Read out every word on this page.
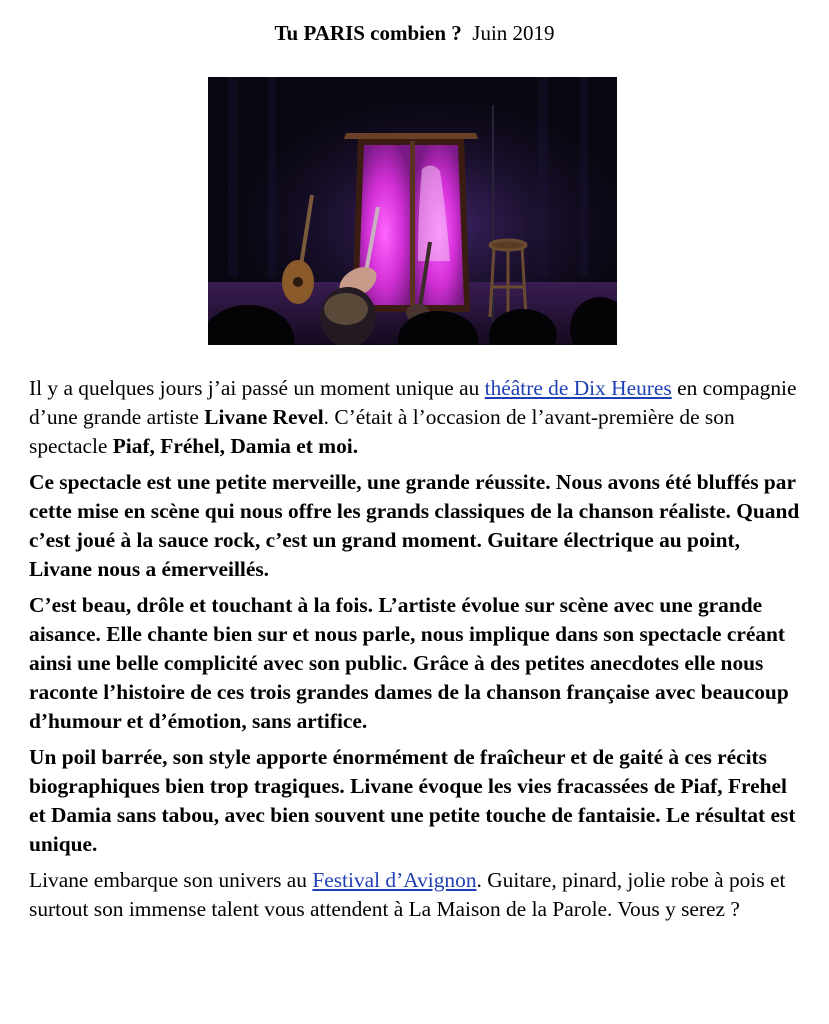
Tu PARIS combien ? Juin 2019

Il y a quelques jours j’ai passé un moment unique au théâtre de Dix Heures en compagnie d’une grande artiste Livane Revel. C’était à l’occasion de l’avant-première de son spectacle Piaf, Fréhel, Damia et moi.

Ce spectacle est une petite merveille, une grande réussite. Nous avons été bluffés par cette mise en scène qui nous offre les grands classiques de la chanson réaliste. Quand c’est joué à la sauce rock, c’est un grand moment. Guitare électrique au point, Livane nous a émerveillés.

C’est beau, drôle et touchant à la fois. L’artiste évolue sur scène avec une grande aisance. Elle chante bien sur et nous parle, nous implique dans son spectacle créant ainsi une belle complicité avec son public. Grâce à des petites anecdotes elle nous raconte l’histoire de ces trois grandes dames de la chanson française avec beaucoup d’humour et d’émotion, sans artifice.

Un poil barrée, son style apporte énormément de fraîcheur et de gaité à ces récits biographiques bien trop tragiques. Livane évoque les vies fracassées de Piaf, Frehel et Damia sans tabou, avec bien souvent une petite touche de fantaisie. Le résultat est unique.

Livane embarque son univers au Festival d’Avignon. Guitare, pinard, jolie robe à pois et surtout son immense talent vous attendent à La Maison de la Parole. Vous y serez ?
